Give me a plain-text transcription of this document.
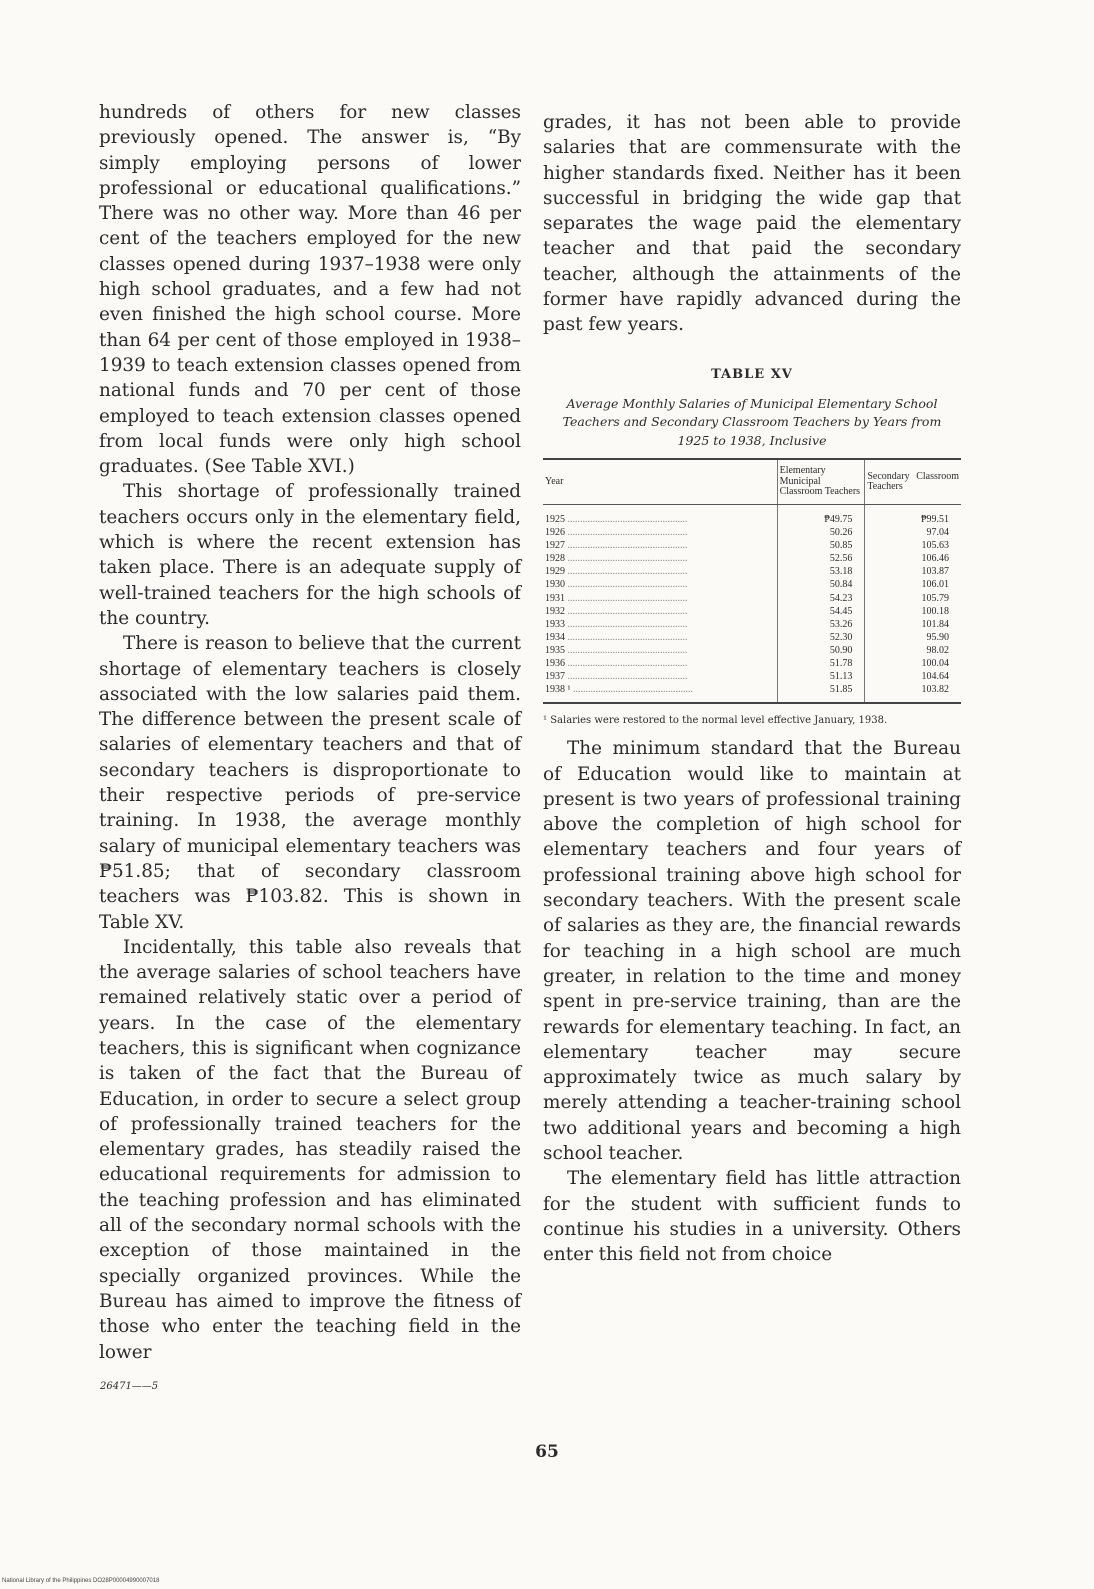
hundreds of others for new classes previously opened. The answer is, “By simply employing persons of lower professional or educational qualifications.” There was no other way. More than 46 per cent of the teachers employed for the new classes opened during 1937–1938 were only high school graduates, and a few had not even finished the high school course. More than 64 per cent of those employed in 1938–1939 to teach extension classes opened from national funds and 70 per cent of those employed to teach extension classes opened from local funds were only high school graduates. (See Table XVI.)

This shortage of professionally trained teachers occurs only in the elementary field, which is where the recent extension has taken place. There is an adequate supply of well-trained teachers for the high schools of the country.

There is reason to believe that the current shortage of elementary teachers is closely associated with the low salaries paid them. The difference between the present scale of salaries of elementary teachers and that of secondary teachers is disproportionate to their respective periods of pre-service training. In 1938, the average monthly salary of municipal elementary teachers was ₱51.85; that of secondary classroom teachers was ₱103.82. This is shown in Table XV.

Incidentally, this table also reveals that the average salaries of school teachers have remained relatively static over a period of years. In the case of the elementary teachers, this is significant when cognizance is taken of the fact that the Bureau of Education, in order to secure a select group of professionally trained teachers for the elementary grades, has steadily raised the educational requirements for admission to the teaching profession and has eliminated all of the secondary normal schools with the exception of those maintained in the specially organized provinces. While the Bureau has aimed to improve the fitness of those who enter the teaching field in the lower

grades, it has not been able to provide salaries that are commensurate with the higher standards fixed. Neither has it been successful in bridging the wide gap that separates the wage paid the elementary teacher and that paid the secondary teacher, although the attainments of the former have rapidly advanced during the past few years.

TABLE XV
Average Monthly Salaries of Municipal Elementary School Teachers and Secondary Classroom Teachers by Years from 1925 to 1938, Inclusive
Year	Elementary Municipal Classroom Teachers	Secondary Classroom Teachers
1925 .....	₱49.75	₱99.51
1926 .....	50.26	97.04
1927 .....	50.85	105.63
1928 .....	52.56	106.46
1929 .....	53.18	103.87
1930 .....	50.84	106.01
1931 .....	54.23	105.79
1932 .....	54.45	100.18
1933 .....	53.26	101.84
1934 .....	52.30	95.90
1935 .....	50.90	98.02
1936 .....	51.78	100.04
1937 .....	51.13	104.64
1938 ¹ .....	51.85	103.82
¹ Salaries were restored to the normal level effective January, 1938.

The minimum standard that the Bureau of Education would like to maintain at present is two years of professional training above the completion of high school for elementary teachers and four years of professional training above high school for secondary teachers. With the present scale of salaries as they are, the financial rewards for teaching in a high school are much greater, in relation to the time and money spent in pre-service training, than are the rewards for elementary teaching. In fact, an elementary teacher may secure approximately twice as much salary by merely attending a teacher-training school two additional years and becoming a high school teacher.

The elementary field has little attraction for the student with sufficient funds to continue his studies in a university. Others enter this field not from choice

26471——5
65
National Library of the Philippines DO28P00004990007018
